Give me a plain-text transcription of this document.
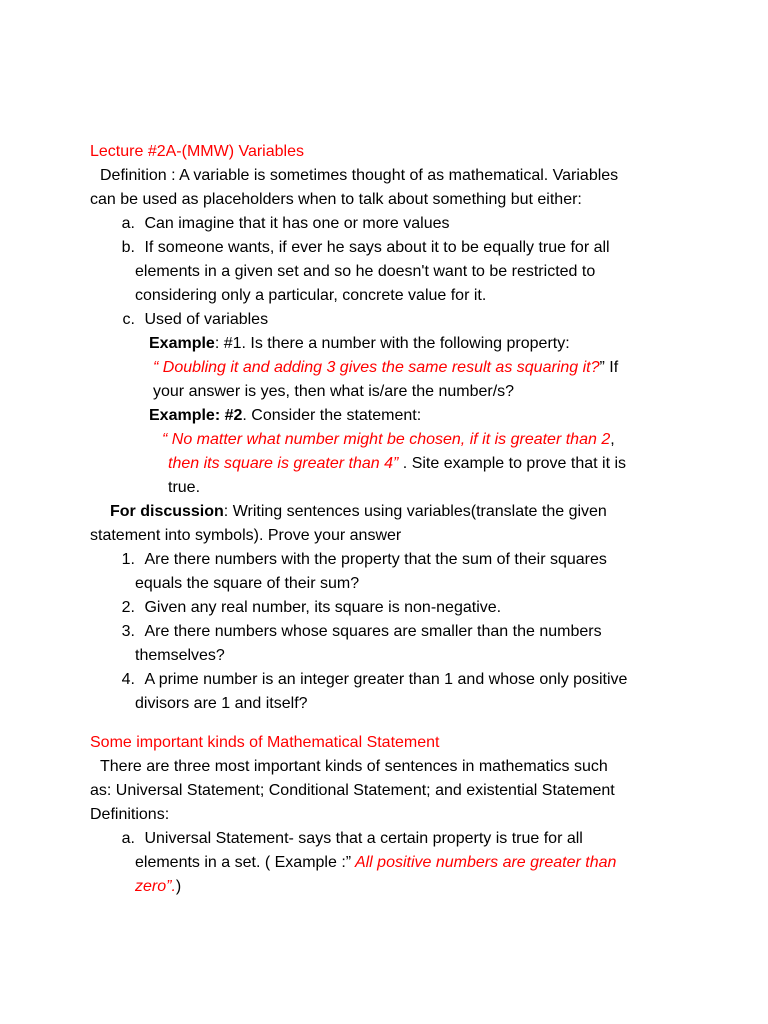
Lecture #2A-(MMW) Variables
Definition : A variable is sometimes thought of as mathematical. Variables
can be used as placeholders when to talk about something but either:
a. Can imagine that it has one or more values
b. If someone wants, if ever he says about it to be equally true for all
elements in a given set and so he doesn't want to be restricted to
considering only a particular, concrete value for it.
c. Used of variables
Example: #1. Is there a number with the following property:
“ Doubling it and adding 3 gives the same result as squaring it?” If
your answer is yes, then what is/are the number/s?
Example: #2. Consider the statement:
“ No matter what number might be chosen, if it is greater than 2,
then its square is greater than 4” . Site example to prove that it is
true.
For discussion: Writing sentences using variables(translate the given
statement into symbols). Prove your answer
1. Are there numbers with the property that the sum of their squares
equals the square of their sum?
2. Given any real number, its square is non-negative.
3. Are there numbers whose squares are smaller than the numbers
themselves?
4. A prime number is an integer greater than 1 and whose only positive
divisors are 1 and itself?
Some important kinds of Mathematical Statement
There are three most important kinds of sentences in mathematics such
as: Universal Statement; Conditional Statement; and existential Statement
Definitions:
a. Universal Statement- says that a certain property is true for all
elements in a set. ( Example :” All positive numbers are greater than
zero”.)
